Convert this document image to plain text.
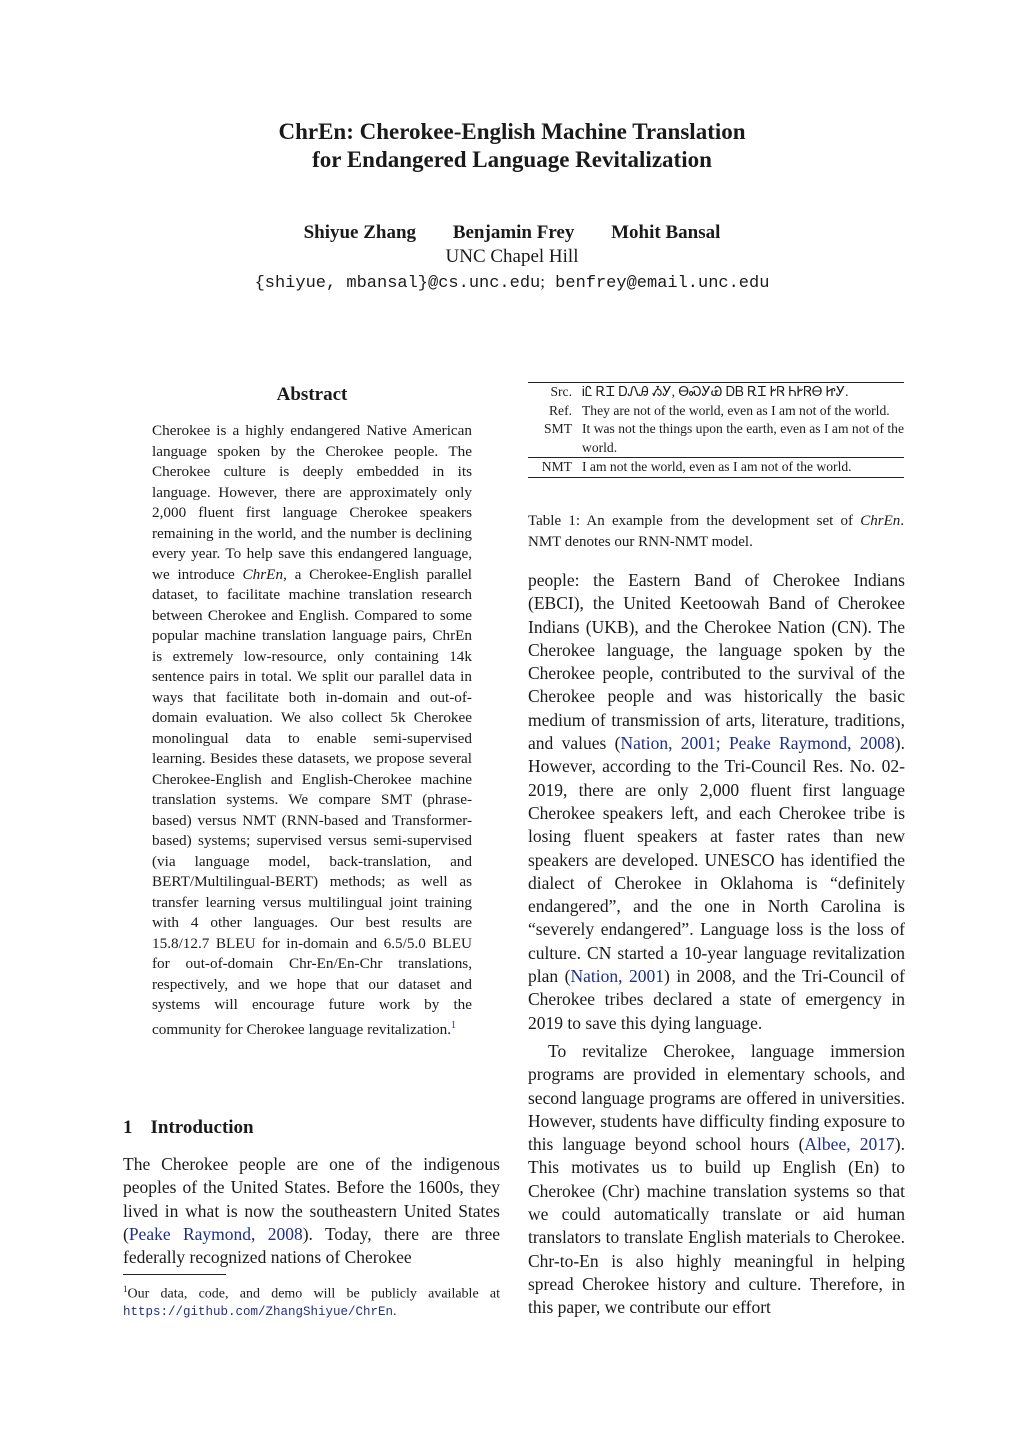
ChrEn: Cherokee-English Machine Translation
for Endangered Language Revitalization
Shiyue Zhang Benjamin Frey Mohit Bansal
UNC Chapel Hill
{shiyue, mbansal}@cs.unc.edu; benfrey@email.unc.edu
Abstract
Cherokee is a highly endangered Native American language spoken by the Cherokee people. The Cherokee culture is deeply embedded in its language. However, there are approximately only 2,000 fluent first language Cherokee speakers remaining in the world, and the number is declining every year. To help save this endangered language, we introduce ChrEn, a Cherokee-English parallel dataset, to facilitate machine translation research between Cherokee and English. Compared to some popular machine translation language pairs, ChrEn is extremely low-resource, only containing 14k sentence pairs in total. We split our parallel data in ways that facilitate both in-domain and out-of-domain evaluation. We also collect 5k Cherokee monolingual data to enable semi-supervised learning. Besides these datasets, we propose several Cherokee-English and English-Cherokee machine translation systems. We compare SMT (phrase-based) versus NMT (RNN-based and Transformer-based) systems; supervised versus semi-supervised (via language model, back-translation, and BERT/Multilingual-BERT) methods; as well as transfer learning versus multilingual joint training with 4 other languages. Our best results are 15.8/12.7 BLEU for in-domain and 6.5/5.0 BLEU for out-of-domain Chr-En/En-Chr translations, respectively, and we hope that our dataset and systems will encourage future work by the community for Cherokee language revitalization.$^1$
1 Introduction
The Cherokee people are one of the indigenous peoples of the United States. Before the 1600s, they lived in what is now the southeastern United States (Peake Raymond, 2008). Today, there are three federally recognized nations of Cherokee
$^1$Our data, code, and demo will be publicly available at https://github.com/ZhangShiyue/ChrEn.
Src. ᎥᏝ ᎡᏆ ᎠᏁᎯ ᏱᎩ, ᎾᏍᎩᏯ ᎠᏴ ᎡᏆ ᎨᏒ ᏂᎨᏒᎾ ᏥᎩ.
Ref. They are not of the world, even as I am not of the world.
SMT It was not the things upon the earth, even as I am not of the world.
NMT I am not the world, even as I am not of the world.
Table 1: An example from the development set of ChrEn. NMT denotes our RNN-NMT model.

people: the Eastern Band of Cherokee Indians (EBCI), the United Keetoowah Band of Cherokee Indians (UKB), and the Cherokee Nation (CN). The Cherokee language, the language spoken by the Cherokee people, contributed to the survival of the Cherokee people and was historically the basic medium of transmission of arts, literature, traditions, and values (Nation, 2001; Peake Raymond, 2008). However, according to the Tri-Council Res. No. 02-2019, there are only 2,000 fluent first language Cherokee speakers left, and each Cherokee tribe is losing fluent speakers at faster rates than new speakers are developed. UNESCO has identified the dialect of Cherokee in Oklahoma is “definitely endangered”, and the one in North Carolina is “severely endangered”. Language loss is the loss of culture. CN started a 10-year language revitalization plan (Nation, 2001) in 2008, and the Tri-Council of Cherokee tribes declared a state of emergency in 2019 to save this dying language.

To revitalize Cherokee, language immersion programs are provided in elementary schools, and second language programs are offered in universities. However, students have difficulty finding exposure to this language beyond school hours (Albee, 2017). This motivates us to build up English (En) to Cherokee (Chr) machine translation systems so that we could automatically translate or aid human translators to translate English materials to Cherokee. Chr-to-En is also highly meaningful in helping spread Cherokee history and culture. Therefore, in this paper, we contribute our effort
